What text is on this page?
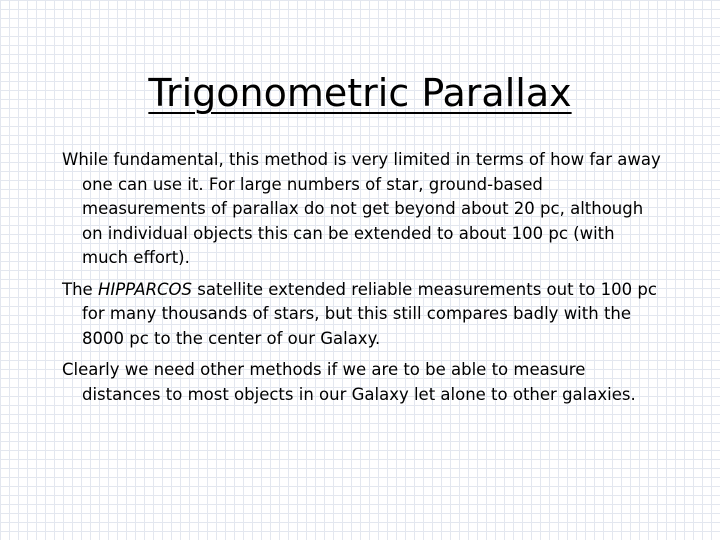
Trigonometric Parallax

While fundamental, this method is very limited in terms of how far away one can use it. For large numbers of star, ground-based measurements of parallax do not get beyond about 20 pc, although on individual objects this can be extended to about 100 pc (with much effort).

The HIPPARCOS satellite extended reliable measurements out to 100 pc for many thousands of stars, but this still compares badly with the 8000 pc to the center of our Galaxy.

Clearly we need other methods if we are to be able to measure distances to most objects in our Galaxy let alone to other galaxies.
